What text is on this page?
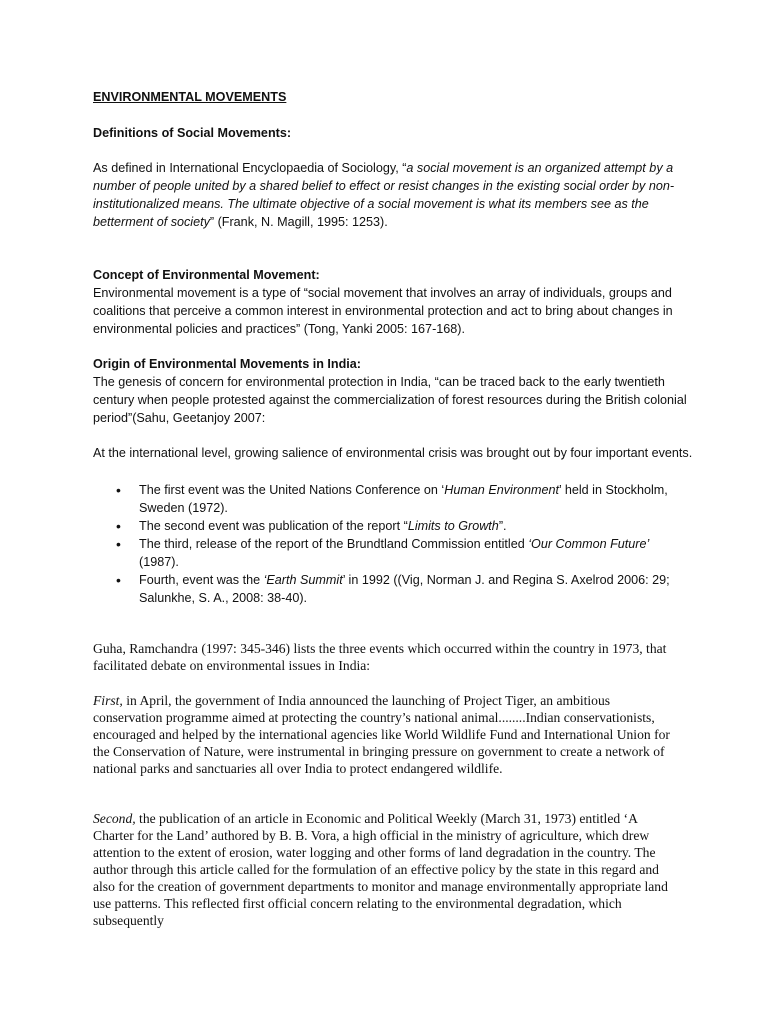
ENVIRONMENTAL MOVEMENTS
Definitions of Social Movements:

As defined in International Encyclopaedia of Sociology, “a social movement is an organized attempt by a number of people united by a shared belief to effect or resist changes in the existing social order by non-institutionalized means. The ultimate objective of a social movement is what its members see as the betterment of society” (Frank, N. Magill, 1995: 1253).

Concept of Environmental Movement:

Environmental movement is a type of “social movement that involves an array of individuals, groups and coalitions that perceive a common interest in environmental protection and act to bring about changes in environmental policies and practices” (Tong, Yanki 2005: 167-168).

Origin of Environmental Movements in India:

The genesis of concern for environmental protection in India, “can be traced back to the early twentieth century when people protested against the commercialization of forest resources during the British colonial period”(Sahu, Geetanjoy 2007:

At the international level, growing salience of environmental crisis was brought out by four important events.

• The first event was the United Nations Conference on ‘Human Environment’ held in Stockholm, Sweden (1972).
• The second event was publication of the report “Limits to Growth”.
• The third, release of the report of the Brundtland Commission entitled ‘Our Common Future’ (1987).
• Fourth, event was the ‘Earth Summit’ in 1992 ((Vig, Norman J. and Regina S. Axelrod 2006: 29; Salunkhe, S. A., 2008: 38-40).

Guha, Ramchandra (1997: 345-346) lists the three events which occurred within the country in 1973, that facilitated debate on environmental issues in India:

First, in April, the government of India announced the launching of Project Tiger, an ambitious conservation programme aimed at protecting the country’s national animal........Indian conservationists, encouraged and helped by the international agencies like World Wildlife Fund and International Union for the Conservation of Nature, were instrumental in bringing pressure on government to create a network of national parks and sanctuaries all over India to protect endangered wildlife.

Second, the publication of an article in Economic and Political Weekly (March 31, 1973) entitled ‘A Charter for the Land’ authored by B. B. Vora, a high official in the ministry of agriculture, which drew attention to the extent of erosion, water logging and other forms of land degradation in the country. The author through this article called for the formulation of an effective policy by the state in this regard and also for the creation of government departments to monitor and manage environmentally appropriate land use patterns. This reflected first official concern relating to the environmental degradation, which subsequently
